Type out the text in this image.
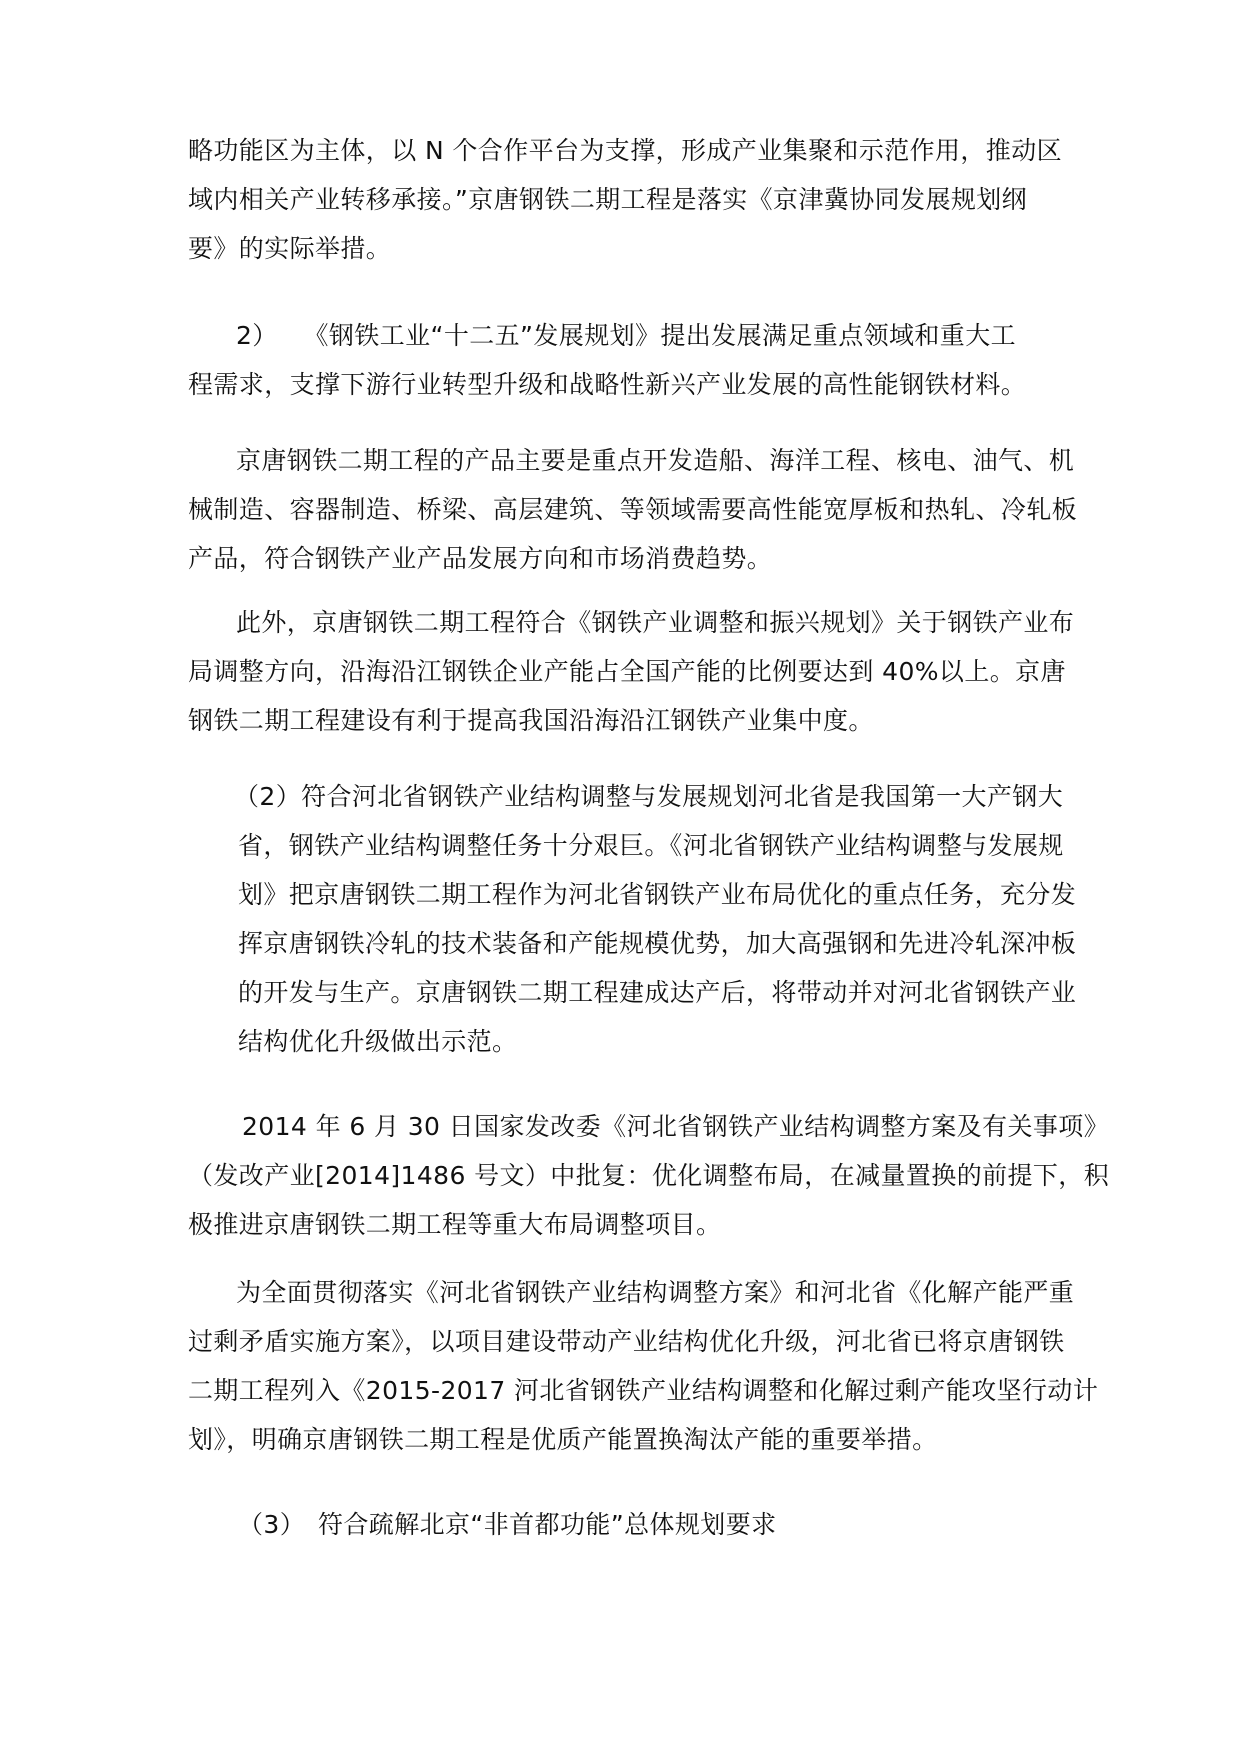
略功能区为主体，以 N 个合作平台为支撑，形成产业集聚和示范作用，推动区
域内相关产业转移承接。”京唐钢铁二期工程是落实《京津冀协同发展规划纲
要》的实际举措。
2）　　《钢铁工业“十二五”发展规划》提出发展满足重点领域和重大工
程需求，支撑下游行业转型升级和战略性新兴产业发展的高性能钢铁材料。
京唐钢铁二期工程的产品主要是重点开发造船、海洋工程、核电、油气、机
械制造、容器制造、桥梁、高层建筑、等领域需要高性能宽厚板和热轧、冷轧板
产品，符合钢铁产业产品发展方向和市场消费趋势。
此外，京唐钢铁二期工程符合《钢铁产业调整和振兴规划》关于钢铁产业布
局调整方向，沿海沿江钢铁企业产能占全国产能的比例要达到 40%以上。京唐
钢铁二期工程建设有利于提高我国沿海沿江钢铁产业集中度。
（2）符合河北省钢铁产业结构调整与发展规划河北省是我国第一大产钢大
省，钢铁产业结构调整任务十分艰巨。《河北省钢铁产业结构调整与发展规
划》把京唐钢铁二期工程作为河北省钢铁产业布局优化的重点任务，充分发
挥京唐钢铁冷轧的技术装备和产能规模优势，加大高强钢和先进冷轧深冲板
的开发与生产。京唐钢铁二期工程建成达产后，将带动并对河北省钢铁产业
结构优化升级做出示范。
2014 年 6 月 30 日国家发改委《河北省钢铁产业结构调整方案及有关事项》
（发改产业[2014]1486 号文）中批复：优化调整布局，在减量置换的前提下，积
极推进京唐钢铁二期工程等重大布局调整项目。
为全面贯彻落实《河北省钢铁产业结构调整方案》和河北省《化解产能严重
过剩矛盾实施方案》，以项目建设带动产业结构优化升级，河北省已将京唐钢铁
二期工程列入《2015-2017 河北省钢铁产业结构调整和化解过剩产能攻坚行动计
划》，明确京唐钢铁二期工程是优质产能置换淘汰产能的重要举措。
（3）　符合疏解北京“非首都功能”总体规划要求
